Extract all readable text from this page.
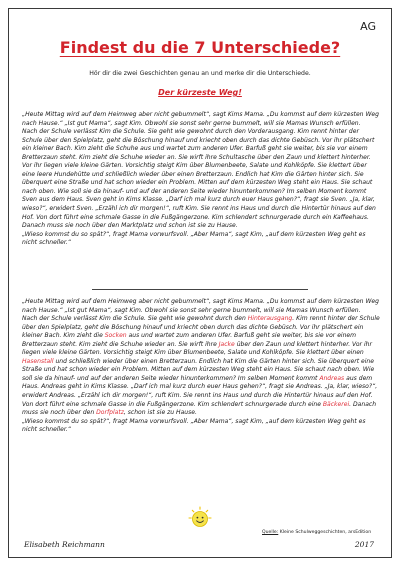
AG
Findest du die 7 Unterschiede?
Hör dir die zwei Geschichten genau an und merke dir die Unterschiede.
Der kürzeste Weg!

„Heute Mittag wird auf dem Heimweg aber nicht gebummelt“, sagt Kims Mama. „Du kommst auf dem kürzesten Weg nach Hause.“ „Ist gut Mama“, sagt Kim. Obwohl sie sonst sehr gerne bummelt, will sie Mamas Wunsch erfüllen.

Nach der Schule verlässt Kim die Schule. Sie geht wie gewohnt durch den Vorderausgang. Kim rennt hinter der Schule über den Spielplatz, geht die Böschung hinauf und kriecht oben durch das dichte Gebüsch. Vor ihr plätschert ein kleiner Bach. Kim zieht die Schuhe aus und wartet zum anderen Ufer. Barfuß geht sie weiter, bis sie vor einem Bretterzaun steht. Kim zieht die Schuhe wieder an. Sie wirft ihre Schultasche über den Zaun und klettert hinterher. Vor ihr liegen viele kleine Gärten. Vorsichtig steigt Kim über Blumenbeete, Salate und Kohlköpfe. Sie klettert über eine leere Hundehütte und schließlich wieder über einen Bretterzaun. Endlich hat Kim die Gärten hinter sich. Sie überquert eine Straße und hat schon wieder ein Problem. Mitten auf dem kürzesten Weg steht ein Haus. Sie schaut nach oben. Wie soll sie da hinauf- und auf der anderen Seite wieder hinunterkommen? Im selben Moment kommt Sven aus dem Haus. Sven geht in Kims Klasse. „Darf ich mal kurz durch euer Haus gehen?“, fragt sie Sven. „Ja, klar, wieso?“, erwidert Sven. „Erzähl ich dir morgen!“, ruft Kim. Sie rennt ins Haus und durch die Hintertür hinaus auf den Hof. Von dort führt eine schmale Gasse in die Fußgängerzone. Kim schlendert schnurgerade durch ein Kaffeehaus. Danach muss sie noch über den Marktplatz und schon ist sie zu Hause.

„Wieso kommst du so spät?“, fragt Mama vorwurfsvoll. „Aber Mama“, sagt Kim, „auf dem kürzesten Weg geht es nicht schneller.“

„Heute Mittag wird auf dem Heimweg aber nicht gebummelt“, sagt Kims Mama. „Du kommst auf dem kürzesten Weg nach Hause.“ „Ist gut Mama“, sagt Kim. Obwohl sie sonst sehr gerne bummelt, will sie Mamas Wunsch erfüllen.

Nach der Schule verlässt Kim die Schule. Sie geht wie gewohnt durch den Hinterausgang. Kim rennt hinter der Schule über den Spielplatz, geht die Böschung hinauf und kriecht oben durch das dichte Gebüsch. Vor ihr plätschert ein kleiner Bach. Kim zieht die Socken aus und wartet zum anderen Ufer. Barfuß geht sie weiter, bis sie vor einem Bretterzaun steht. Kim zieht die Schuhe wieder an. Sie wirft ihre Jacke über den Zaun und klettert hinterher. Vor ihr liegen viele kleine Gärten. Vorsichtig steigt Kim über Blumenbeete, Salate und Kohlköpfe. Sie klettert über einen Hasenstall und schließlich wieder über einen Bretterzaun. Endlich hat Kim die Gärten hinter sich. Sie überquert eine Straße und hat schon wieder ein Problem. Mitten auf dem kürzesten Weg steht ein Haus. Sie schaut nach oben. Wie soll sie da hinauf- und auf der anderen Seite wieder hinunterkommen? Im selben Moment kommt Andreas aus dem Haus. Andreas geht in Kims Klasse. „Darf ich mal kurz durch euer Haus gehen?“, fragt sie Andreas. „Ja, klar, wieso?“, erwidert Andreas. „Erzähl ich dir morgen!“, ruft Kim. Sie rennt ins Haus und durch die Hintertür hinaus auf den Hof. Von dort führt eine schmale Gasse in die Fußgängerzone. Kim schlendert schnurgerade durch eine Bäckerei. Danach muss sie noch über den Dorfplatz, schon ist sie zu Hause.

„Wieso kommst du so spät?“, fragt Mama vorwurfsvoll. „Aber Mama“, sagt Kim, „auf dem kürzesten Weg geht es nicht schneller.“

Quelle: Kleine Schulweggeschichten, arsEdition
Elisabeth Reichmann	2017
